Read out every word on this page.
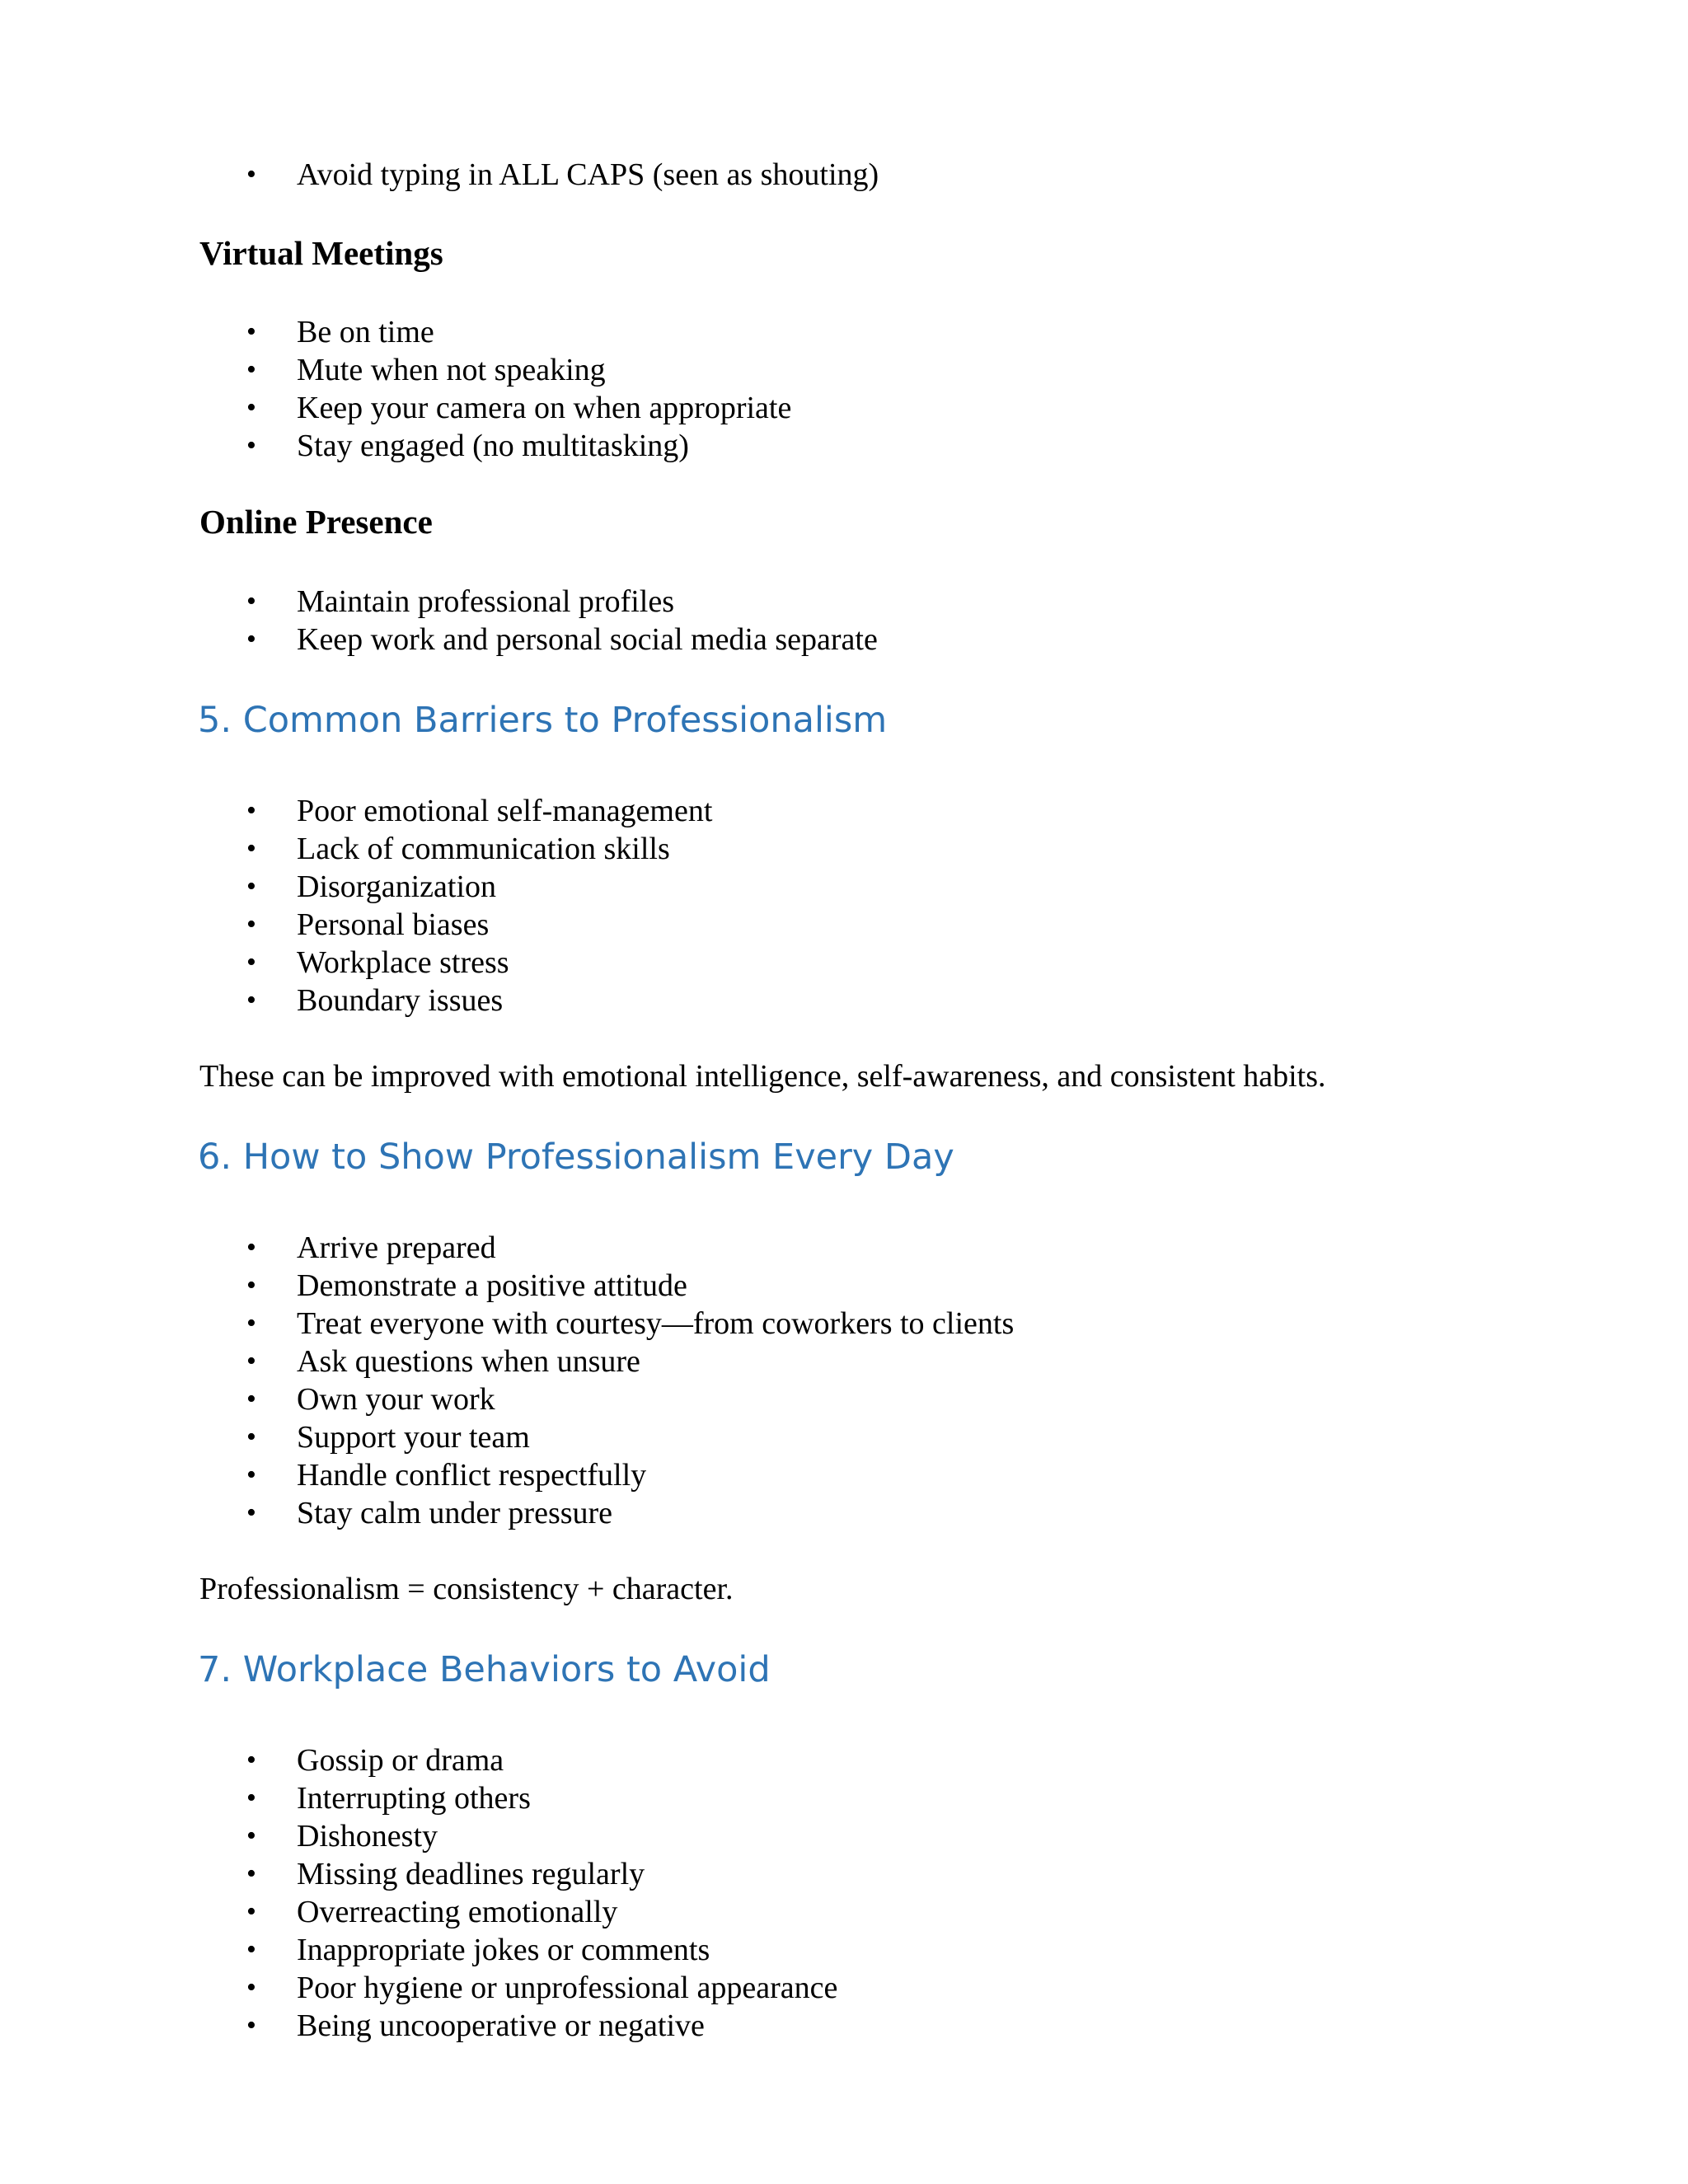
• Avoid typing in ALL CAPS (seen as shouting)
Virtual Meetings
• Be on time
• Mute when not speaking
• Keep your camera on when appropriate
• Stay engaged (no multitasking)
Online Presence
• Maintain professional profiles
• Keep work and personal social media separate
5. Common Barriers to Professionalism
• Poor emotional self-management
• Lack of communication skills
• Disorganization
• Personal biases
• Workplace stress
• Boundary issues
These can be improved with emotional intelligence, self-awareness, and consistent habits.
6. How to Show Professionalism Every Day
• Arrive prepared
• Demonstrate a positive attitude
• Treat everyone with courtesy—from coworkers to clients
• Ask questions when unsure
• Own your work
• Support your team
• Handle conflict respectfully
• Stay calm under pressure
Professionalism = consistency + character.
7. Workplace Behaviors to Avoid
• Gossip or drama
• Interrupting others
• Dishonesty
• Missing deadlines regularly
• Overreacting emotionally
• Inappropriate jokes or comments
• Poor hygiene or unprofessional appearance
• Being uncooperative or negative
